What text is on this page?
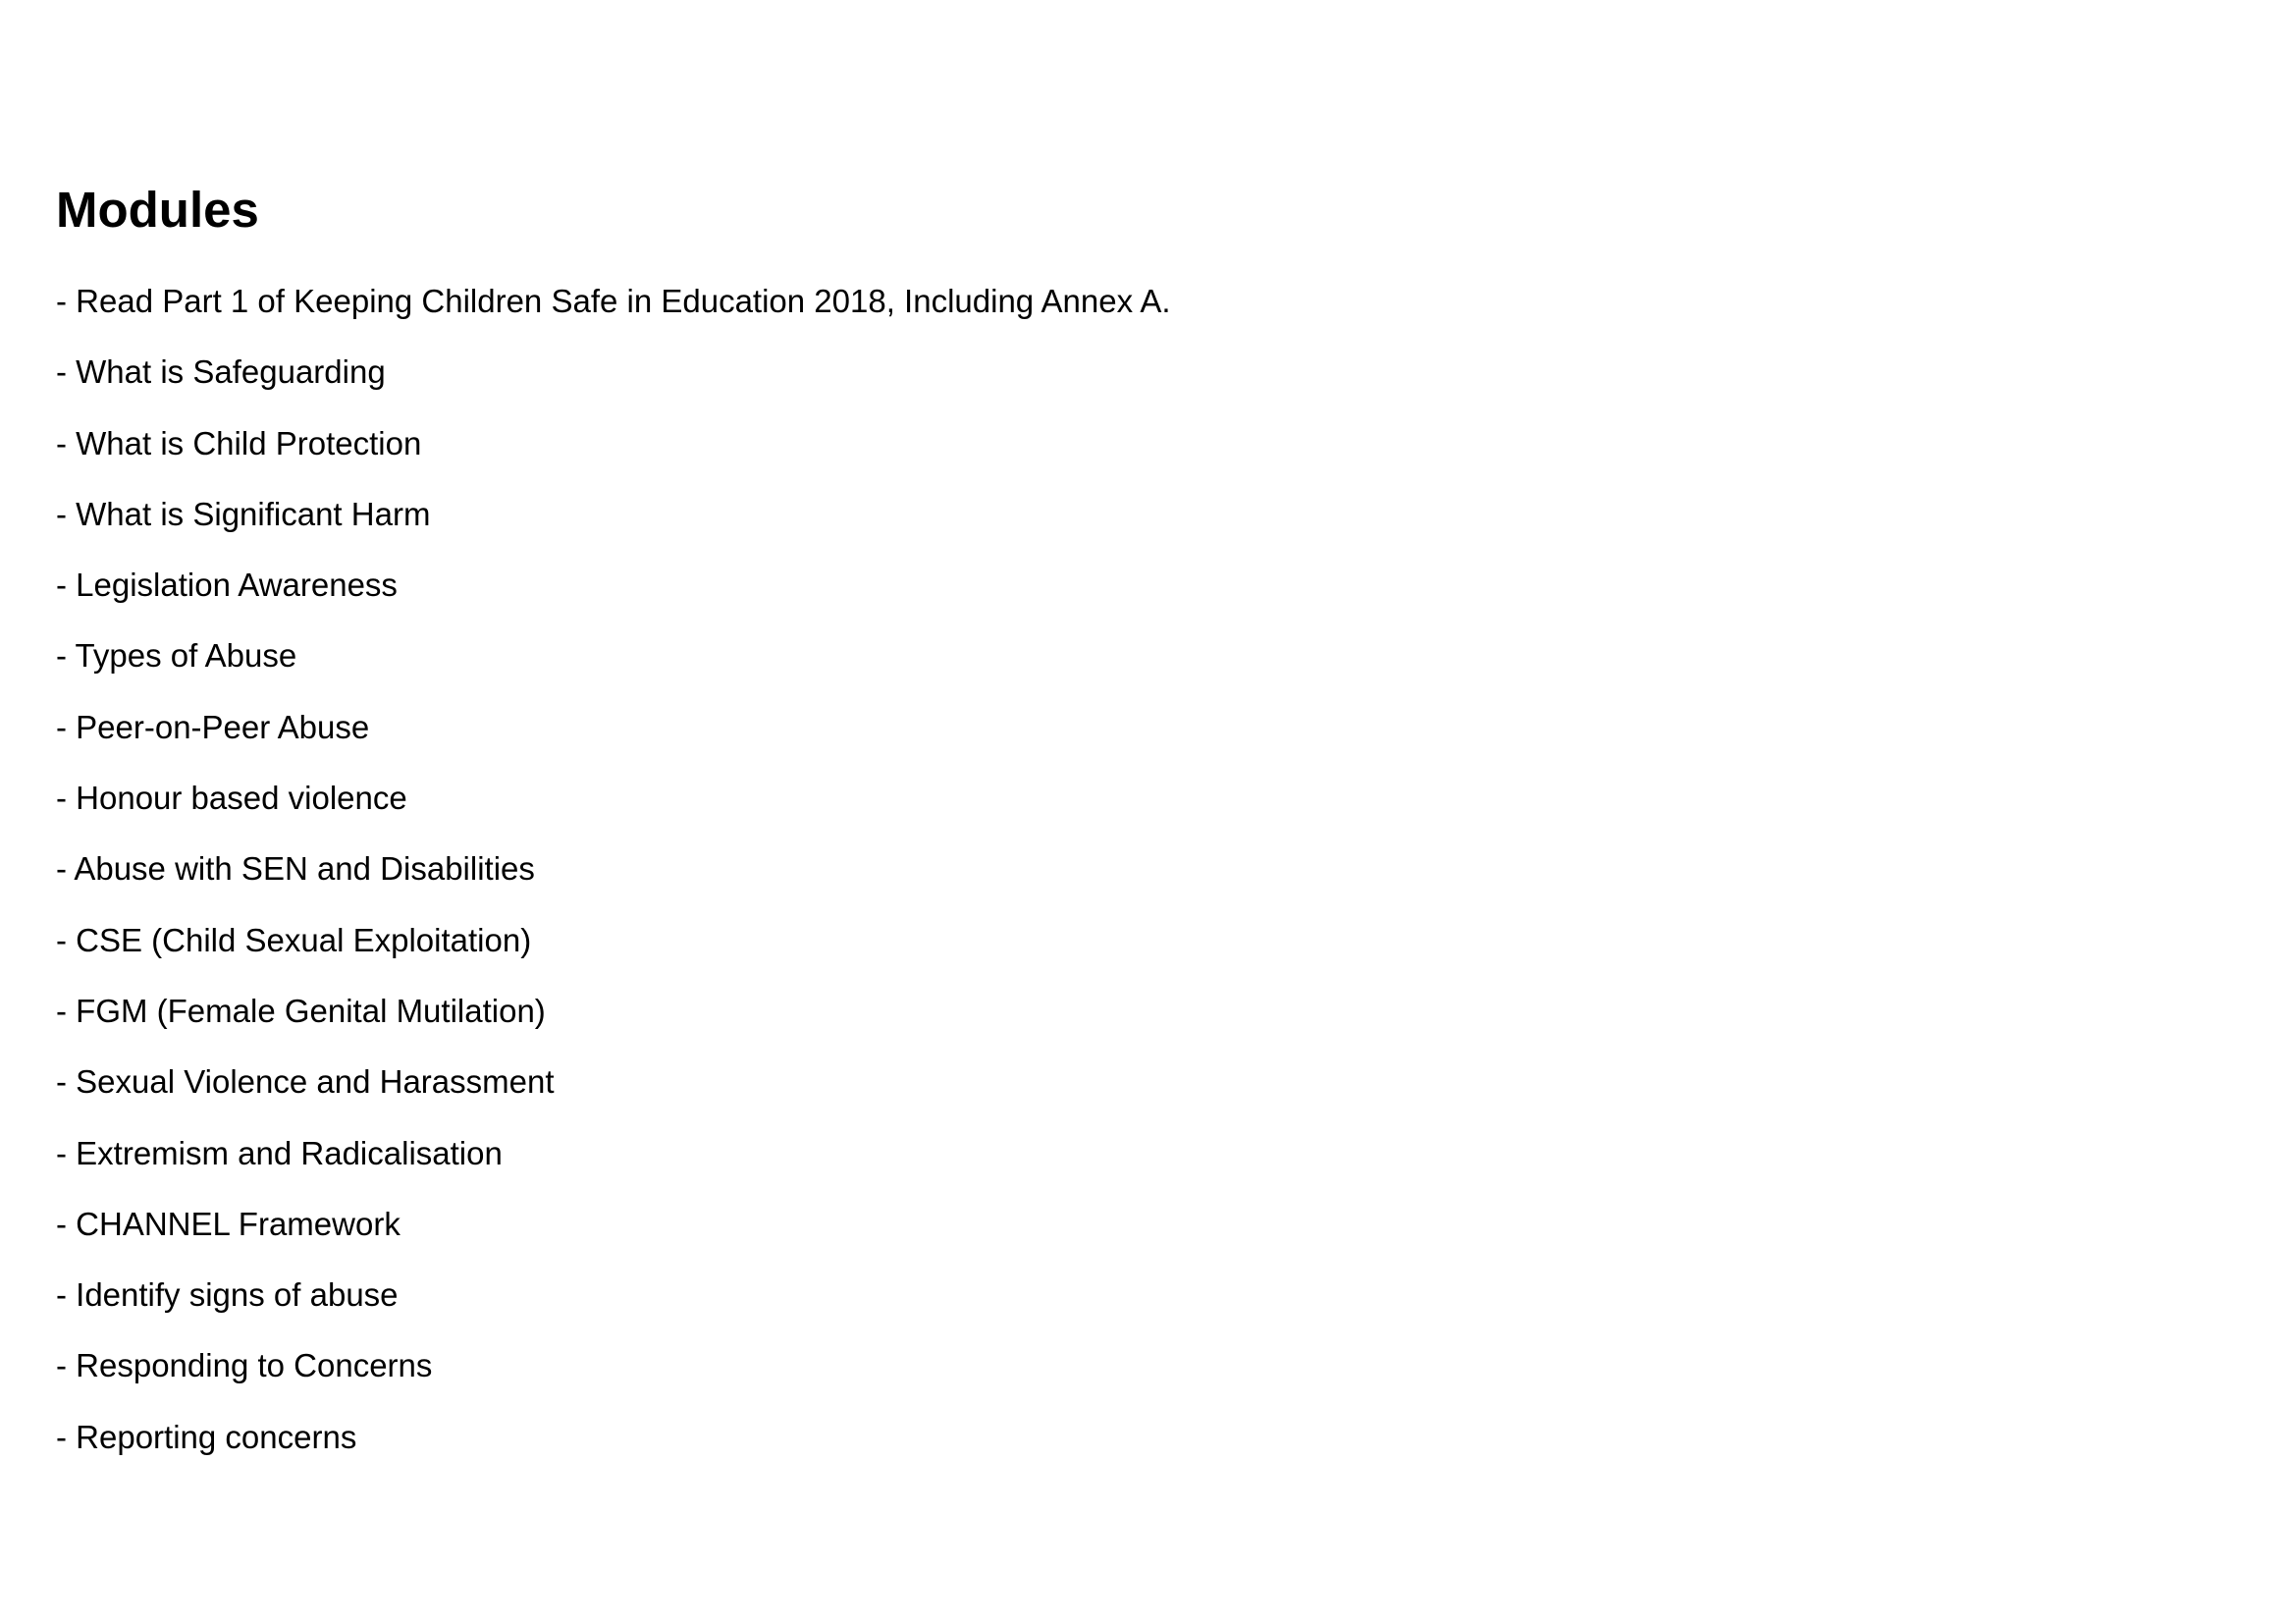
Modules
- Read Part 1 of Keeping Children Safe in Education 2018, Including Annex A.
- What is Safeguarding
- What is Child Protection
- What is Significant Harm
- Legislation Awareness
- Types of Abuse
- Peer-on-Peer Abuse
- Honour based violence
- Abuse with SEN and Disabilities
- CSE (Child Sexual Exploitation)
- FGM (Female Genital Mutilation)
- Sexual Violence and Harassment
- Extremism and Radicalisation
- CHANNEL Framework
- Identify signs of abuse
- Responding to Concerns
- Reporting concerns
